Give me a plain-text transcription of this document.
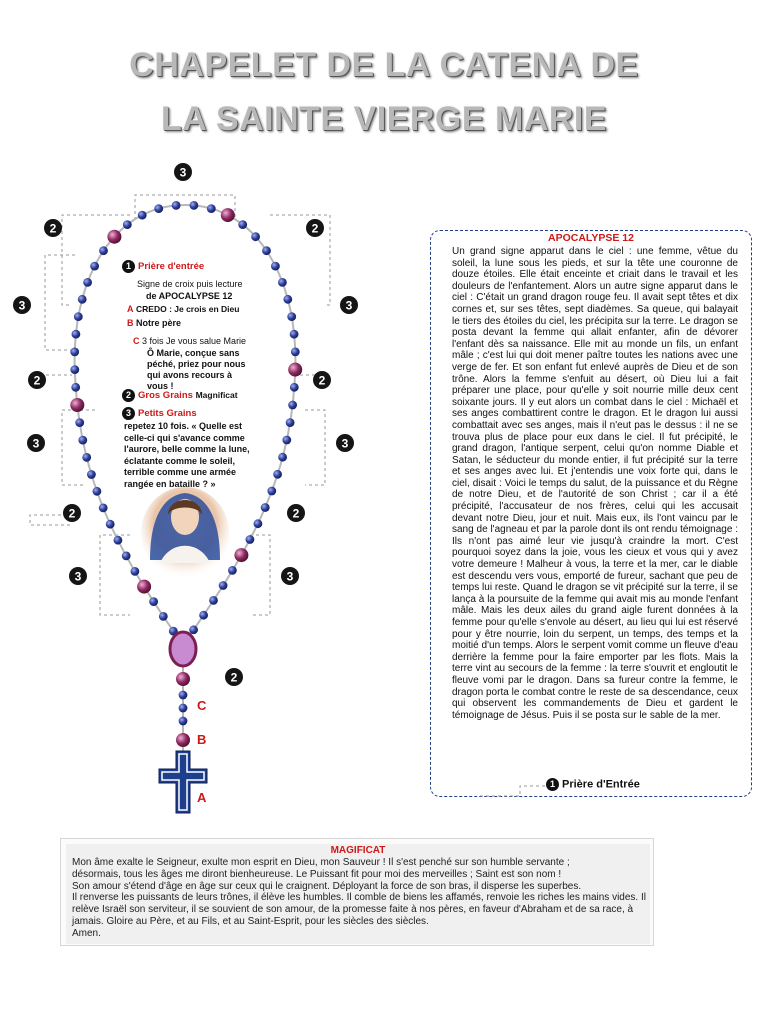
CHAPELET DE LA CATENA DE
LA SAINTE VIERGE MARIE
3
2	2
3	3
2	2
3	3
2	2
3	3
2
C
B
A
1 Prière d'entrée
Signe de croix puis lecture
de APOCALYPSE 12
A CREDO : Je crois en Dieu
B Notre père
C 3 fois Je vous salue Marie
Ô Marie, conçue sans péché, priez pour nous qui avons recours à vous !
2 Gros Grains Magnificat
3 Petits Grains
repetez 10 fois. « Quelle est celle-ci qui s'avance comme l'aurore, belle comme la lune, éclatante comme le soleil, terrible comme une armée rangée en bataille ? »
APOCALYPSE 12
Un grand signe apparut dans le ciel : une femme, vêtue du soleil, la lune sous les pieds, et sur la tête une couronne de douze étoiles. Elle était enceinte et criait dans le travail et les douleurs de l'enfantement. Alors un autre signe apparut dans le ciel : C'était un grand dragon rouge feu. Il avait sept têtes et dix cornes et, sur ses têtes, sept diadèmes. Sa queue, qui balayait le tiers des étoiles du ciel, les précipita sur la terre. Le dragon se posta devant la femme qui allait enfanter, afin de dévorer l'enfant dès sa naissance. Elle mit au monde un fils, un enfant mâle ; c'est lui qui doit mener paître toutes les nations avec une verge de fer. Et son enfant fut enlevé auprès de Dieu et de son trône. Alors la femme s'enfuit au désert, où Dieu lui a fait préparer une place, pour qu'elle y soit nourrie mille deux cent soixante jours. Il y eut alors un combat dans le ciel : Michaël et ses anges combattirent contre le dragon. Et le dragon lui aussi combattait avec ses anges, mais il n'eut pas le dessus : il ne se trouva plus de place pour eux dans le ciel. Il fut précipité, le grand dragon, l'antique serpent, celui qu'on nomme Diable et Satan, le séducteur du monde entier, il fut précipité sur la terre et ses anges avec lui. Et j'entendis une voix forte qui, dans le ciel, disait : Voici le temps du salut, de la puissance et du Règne de notre Dieu, et de l'autorité de son Christ ; car il a été précipité, l'accusateur de nos frères, celui qui les accusait devant notre Dieu, jour et nuit. Mais eux, ils l'ont vaincu par le sang de l'agneau et par la parole dont ils ont rendu témoignage : Ils n'ont pas aimé leur vie jusqu'à craindre la mort. C'est pourquoi soyez dans la joie, vous les cieux et vous qui y avez votre demeure ! Malheur à vous, la terre et la mer, car le diable est descendu vers vous, emporté de fureur, sachant que peu de temps lui reste. Quand le dragon se vit précipité sur la terre, il se lança à la poursuite de la femme qui avait mis au monde l'enfant mâle. Mais les deux ailes du grand aigle furent données à la femme pour qu'elle s'envole au désert, au lieu qui lui est réservé pour y être nourrie, loin du serpent, un temps, des temps et la moitié d'un temps. Alors le serpent vomit comme un fleuve d'eau derrière la femme pour la faire emporter par les flots. Mais la terre vint au secours de la femme : la terre s'ouvrit et engloutit le fleuve vomi par le dragon. Dans sa fureur contre la femme, le dragon porta le combat contre le reste de sa descendance, ceux qui observent les commandements de Dieu et gardent le témoignage de Jésus. Puis il se posta sur le sable de la mer.
1 Prière d'Entrée
MAGIFICAT
Mon âme exalte le Seigneur, exulte mon esprit en Dieu, mon Sauveur ! Il s'est penché sur son humble servante ;
désormais, tous les âges me diront bienheureuse. Le Puissant fit pour moi des merveilles ; Saint est son nom !
Son amour s'étend d'âge en âge sur ceux qui le craignent. Déployant la force de son bras, il disperse les superbes.
Il renverse les puissants de leurs trônes, il élève les humbles. Il comble de biens les affamés, renvoie les riches les mains vides. Il relève Israël son serviteur, il se souvient de son amour, de la promesse faite à nos pères, en faveur d'Abraham et de sa race, à jamais. Gloire au Père, et au Fils, et au Saint-Esprit, pour les siècles des siècles.
Amen.
